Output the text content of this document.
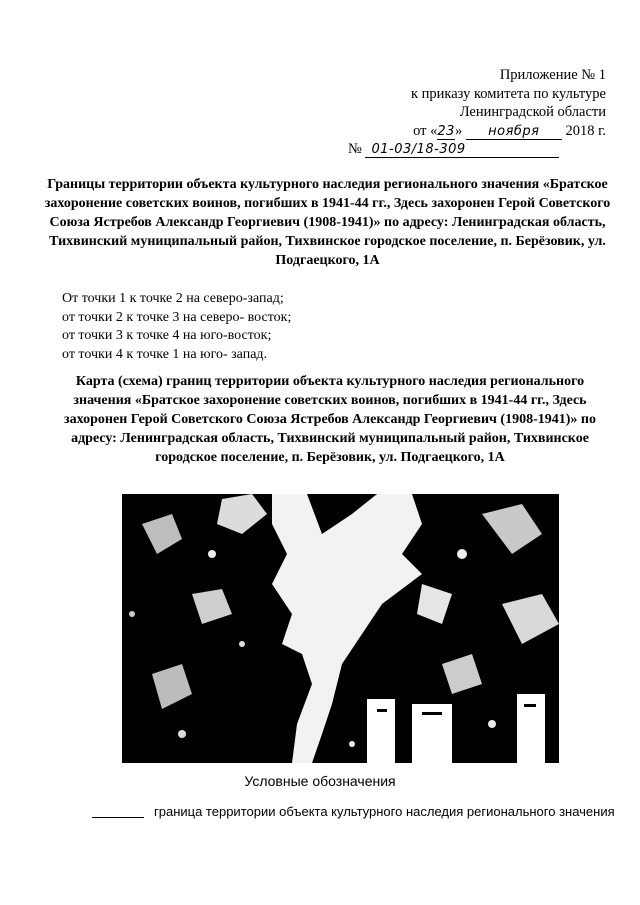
Приложение № 1
к приказу комитета по культуре
Ленинградской области
от «23» ноября 2018 г.
№ 01-03/18-309
Границы территории объекта культурного наследия регионального значения «Братское захоронение советских воинов, погибших в 1941-44 гг., Здесь захоронен Герой Советского Союза Ястребов Александр Георгиевич (1908-1941)» по адресу: Ленинградская область, Тихвинский муниципальный район, Тихвинское городское поселение, п. Берёзовик, ул. Подгаецкого, 1А
От точки 1 к точке 2 на северо-запад;
от точки 2 к точке 3 на северо- восток;
от точки 3 к точке 4 на юго-восток;
от точки 4 к точке 1 на юго- запад.
Карта (схема) границ территории объекта культурного наследия регионального значения «Братское захоронение советских воинов, погибших в 1941-44 гг., Здесь захоронен Герой Советского Союза Ястребов Александр Георгиевич (1908-1941)» по адресу: Ленинградская область, Тихвинский муниципальный район, Тихвинское городское поселение, п. Берёзовик, ул. Подгаецкого, 1А
Условные обозначения
граница территории объекта культурного наследия регионального значения
